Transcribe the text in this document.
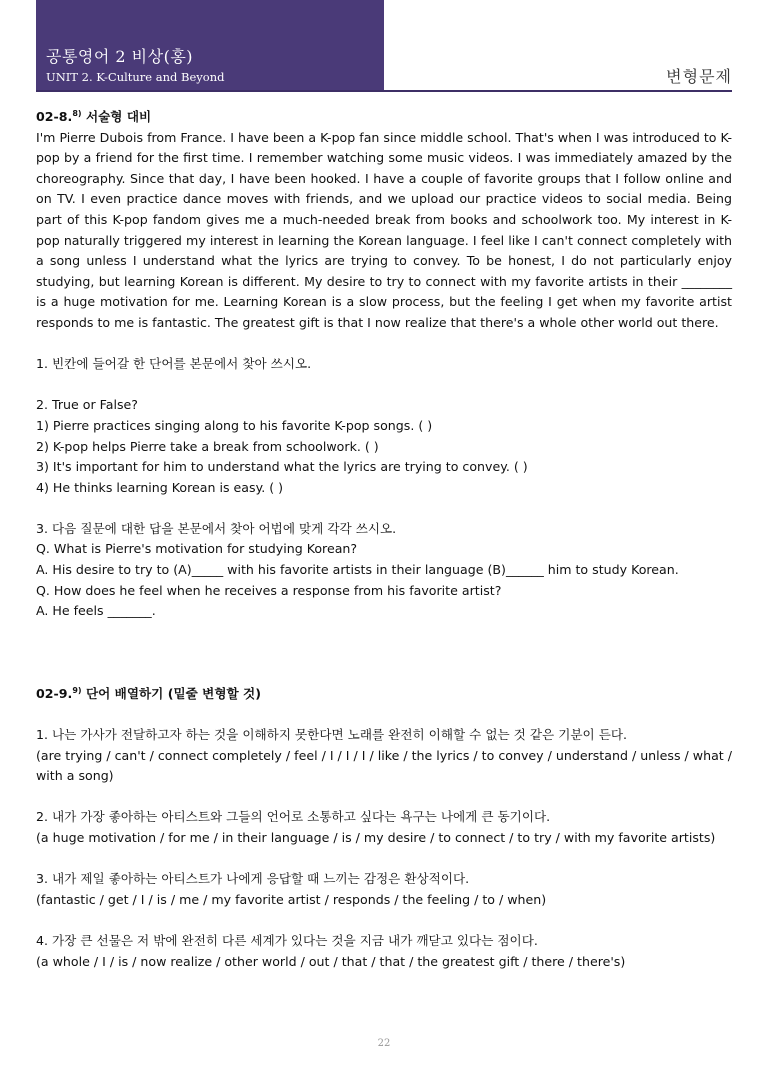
공통영어 2 비상(홍)
UNIT 2. K-Culture and Beyond	변형문제

02-8.$^{8)}$ 서술형 대비

I'm Pierre Dubois from France. I have been a K-pop fan since middle school. That's when I was introduced to K-pop by a friend for the first time. I remember watching some music videos. I was immediately amazed by the choreography. Since that day, I have been hooked. I have a couple of favorite groups that I follow online and on TV. I even practice dance moves with friends, and we upload our practice videos to social media. Being part of this K-pop fandom gives me a much-needed break from books and schoolwork too. My interest in K-pop naturally triggered my interest in learning the Korean language. I feel like I can't connect completely with a song unless I understand what the lyrics are trying to convey. To be honest, I do not particularly enjoy studying, but learning Korean is different. My desire to try to connect with my favorite artists in their ________ is a huge motivation for me. Learning Korean is a slow process, but the feeling I get when my favorite artist responds to me is fantastic. The greatest gift is that I now realize that there's a whole other world out there.

1. 빈칸에 들어갈 한 단어를 본문에서 찾아 쓰시오.

2. True or False?

1) Pierre practices singing along to his favorite K-pop songs. ( )

2) K-pop helps Pierre take a break from schoolwork. ( )

3) It's important for him to understand what the lyrics are trying to convey. ( )

4) He thinks learning Korean is easy. ( )

3. 다음 질문에 대한 답을 본문에서 찾아 어법에 맞게 각각 쓰시오.

Q. What is Pierre's motivation for studying Korean?

A. His desire to try to (A)_____ with his favorite artists in their language (B)______ him to study Korean.

Q. How does he feel when he receives a response from his favorite artist?

A. He feels _______.

02-9.$^{9)}$ 단어 배열하기 (밑줄 변형할 것)

1. 나는 가사가 전달하고자 하는 것을 이해하지 못한다면 노래를 완전히 이해할 수 없는 것 같은 기분이 든다.

(are trying / can't / connect completely / feel / I / I / I / like / the lyrics / to convey / understand / unless / what / with a song)

2. 내가 가장 좋아하는 아티스트와 그들의 언어로 소통하고 싶다는 욕구는 나에게 큰 동기이다.

(a huge motivation / for me / in their language / is / my desire / to connect / to try / with my favorite artists)

3. 내가 제일 좋아하는 아티스트가 나에게 응답할 때 느끼는 감정은 환상적이다.

(fantastic / get / I / is / me / my favorite artist / responds / the feeling / to / when)

4. 가장 큰 선물은 저 밖에 완전히 다른 세계가 있다는 것을 지금 내가 깨닫고 있다는 점이다.

(a whole / I / is / now realize / other world / out / that / that / the greatest gift / there / there's)

22
